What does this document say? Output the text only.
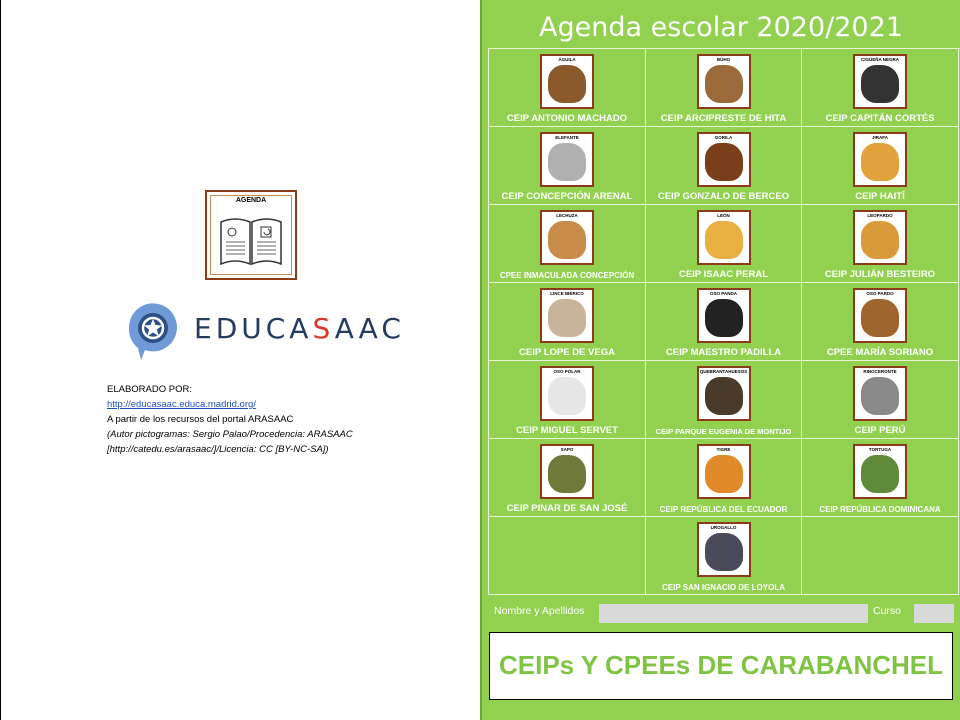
AGENDA
EDUCASAAC
ELABORADO POR:
http://educasaac.educa.madrid.org/
A partir de los recursos del portal ARASAAC
(Autor pictogramas: Sergio Palao/Procedencia: ARASAAC
[http://catedu.es/arasaac/]/Licencia: CC [BY-NC-SA])
Agenda escolar 2020/2021
ÁGUILA
CEIP ANTONIO MACHADO
BÚHO
CEIP ARCIPRESTE DE HITA
CIGÜEÑA NEGRA
CEIP CAPITÁN CORTÉS
ELEFANTE
CEIP CONCEPCIÓN ARENAL
GORILA
CEIP GONZALO DE BERCEO
JIRAFA
CEIP HAITÍ
LECHUZA
CPEE INMACULADA CONCEPCIÓN
LEÓN
CEIP ISAAC PERAL
LEOPARDO
CEIP JULIÁN BESTEIRO
LINCE IBÉRICO
CEIP LOPE DE VEGA
OSO PANDA
CEIP MAESTRO PADILLA
OSO PARDO
CPEE MARÍA SORIANO
OSO POLAR
CEIP MIGUEL SERVET
QUEBRANTAHUESOS
CEIP PARQUE EUGENIA DE MONTIJO
RINOCERONTE
CEIP PERÚ
SAPO
CEIP PINAR DE SAN JOSÉ
TIGRE
CEIP REPÚBLICA DEL ECUADOR
TORTUGA
CEIP REPÚBLICA DOMINICANA
UROGALLO
CEIP SAN IGNACIO DE LOYOLA
Nombre y Apellidos	Curso
CEIPs Y CPEEs DE CARABANCHEL
